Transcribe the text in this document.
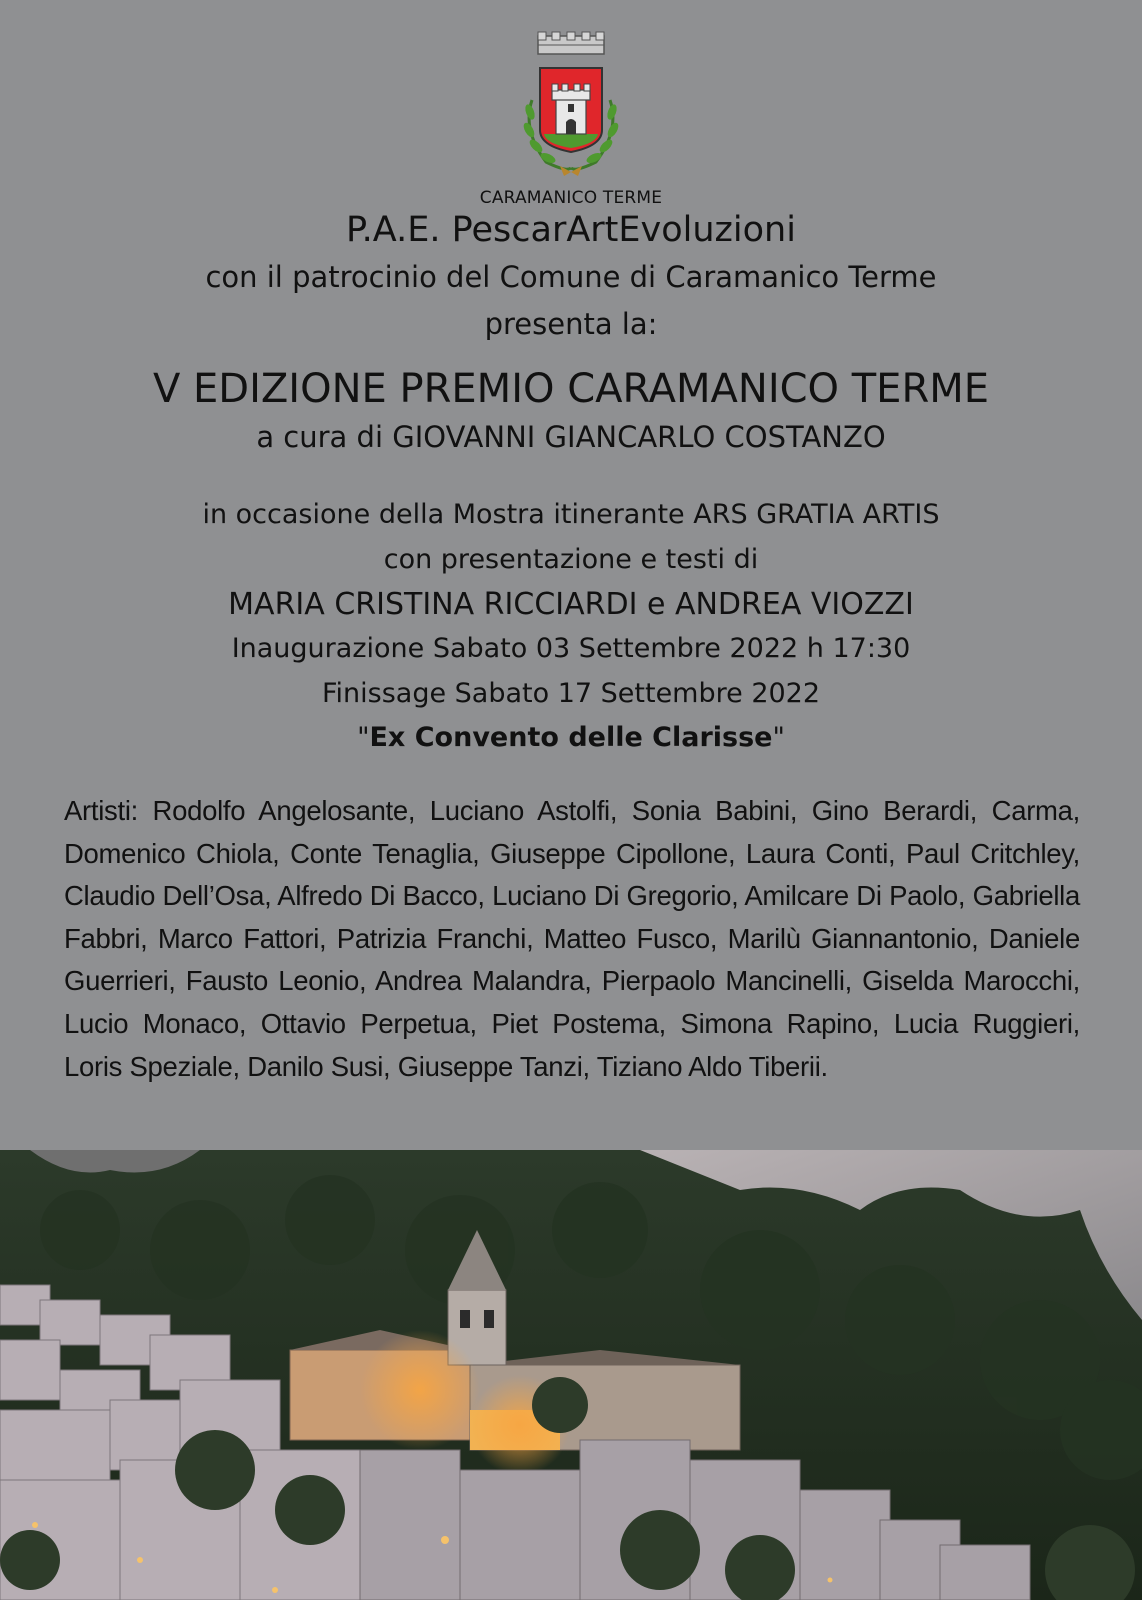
CARAMANICO TERME
P.A.E. PescarArtEvoluzioni
con il patrocinio del Comune di Caramanico Terme
presenta la:
V EDIZIONE PREMIO CARAMANICO TERME
a cura di GIOVANNI GIANCARLO COSTANZO
in occasione della Mostra itinerante ARS GRATIA ARTIS
con presentazione e testi di
MARIA CRISTINA RICCIARDI e ANDREA VIOZZI
Inaugurazione Sabato 03 Settembre 2022 h 17:30
Finissage Sabato 17 Settembre 2022
"Ex Convento delle Clarisse"
Artisti: Rodolfo Angelosante, Luciano Astolfi, Sonia Babini, Gino Berardi, Carma, Domenico Chiola, Conte Tenaglia, Giuseppe Cipollone, Laura Conti, Paul Critchley, Claudio Dell’Osa, Alfredo Di Bacco, Luciano Di Gregorio, Amilcare Di Paolo, Gabriella Fabbri, Marco Fattori, Patrizia Franchi, Matteo Fusco, Marilù Giannantonio, Daniele Guerrieri, Fausto Leonio, Andrea Malandra, Pierpaolo Mancinelli, Giselda Marocchi, Lucio Monaco, Ottavio Perpetua, Piet Postema, Simona Rapino, Lucia Ruggieri, Loris Speziale, Danilo Susi, Giuseppe Tanzi, Tiziano Aldo Tiberii.
